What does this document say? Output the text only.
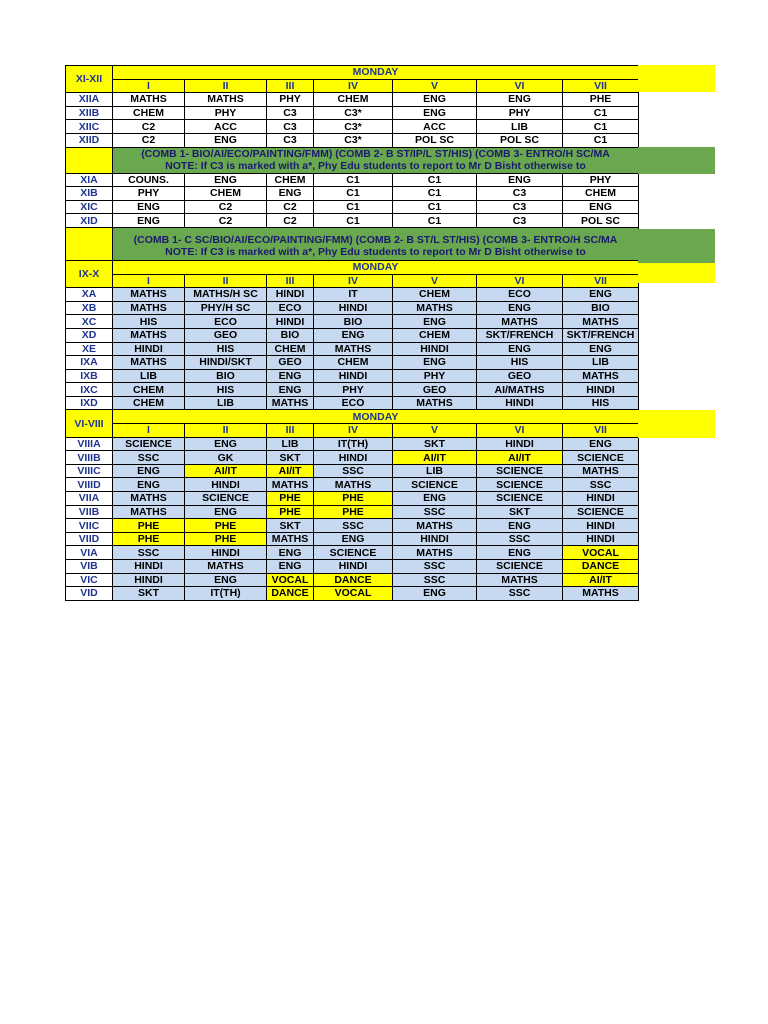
XI-XII	MONDAY						
	I	II	III	IV	V	VI	VII
XIIA	MATHS	MATHS	PHY	CHEM	ENG	ENG	PHE
XIIB	CHEM	PHY	C3	C3*	ENG	PHY	C1
XIIC	C2	ACC	C3	C3*	ACC	LIB	C1
XIID	C2	ENG	C3	C3*	POL SC	POL SC	C1

	(COMB 1- BIO/AI/ECO/PAINTING/FMM) (COMB 2- B ST/IP/L ST/HIS) (COMB 3- ENTRO/H SC/MA
NOTE: If C3 is marked with a*, Phy Edu students to report to Mr D Bisht otherwise to						

XIA	COUNS.	ENG	CHEM	C1	C1	ENG	PHY
XIB	PHY	CHEM	ENG	C1	C1	C3	CHEM
XIC	ENG	C2	C2	C1	C1	C3	ENG
XID	ENG	C2	C2	C1	C1	C3	POL SC

	(COMB 1- C SC/BIO/AI/ECO/PAINTING/FMM) (COMB 2- B ST/L ST/HIS) (COMB 3- ENTRO/H SC/MA
NOTE: If C3 is marked with a*, Phy Edu students to report to Mr D Bisht otherwise to						

IX-X	MONDAY						
	I	II	III	IV	V	VI	VII
XA	MATHS	MATHS/H SC	HINDI	IT	CHEM	ECO	ENG
XB	MATHS	PHY/H SC	ECO	HINDI	MATHS	ENG	BIO
XC	HIS	ECO	HINDI	BIO	ENG	MATHS	MATHS
XD	MATHS	GEO	BIO	ENG	CHEM	SKT/FRENCH	SKT/FRENCH
XE	HINDI	HIS	CHEM	MATHS	HINDI	ENG	ENG
IXA	MATHS	HINDI/SKT	GEO	CHEM	ENG	HIS	LIB
IXB	LIB	BIO	ENG	HINDI	PHY	GEO	MATHS
IXC	CHEM	HIS	ENG	PHY	GEO	AI/MATHS	HINDI
IXD	CHEM	LIB	MATHS	ECO	MATHS	HINDI	HIS
VI-VIII	MONDAY						
	I	II	III	IV	V	VI	VII
VIIIA	SCIENCE	ENG	LIB	IT(TH)	SKT	HINDI	ENG
VIIIB	SSC	GK	SKT	HINDI	AI/IT	AI/IT	SCIENCE
VIIIC	ENG	AI/IT	AI/IT	SSC	LIB	SCIENCE	MATHS
VIIID	ENG	HINDI	MATHS	MATHS	SCIENCE	SCIENCE	SSC
VIIA	MATHS	SCIENCE	PHE	PHE	ENG	SCIENCE	HINDI
VIIB	MATHS	ENG	PHE	PHE	SSC	SKT	SCIENCE
VIIC	PHE	PHE	SKT	SSC	MATHS	ENG	HINDI
VIID	PHE	PHE	MATHS	ENG	HINDI	SSC	HINDI
VIA	SSC	HINDI	ENG	SCIENCE	MATHS	ENG	VOCAL
VIB	HINDI	MATHS	ENG	HINDI	SSC	SCIENCE	DANCE
VIC	HINDI	ENG	VOCAL	DANCE	SSC	MATHS	AI/IT
VID	SKT	IT(TH)	DANCE	VOCAL	ENG	SSC	MATHS
